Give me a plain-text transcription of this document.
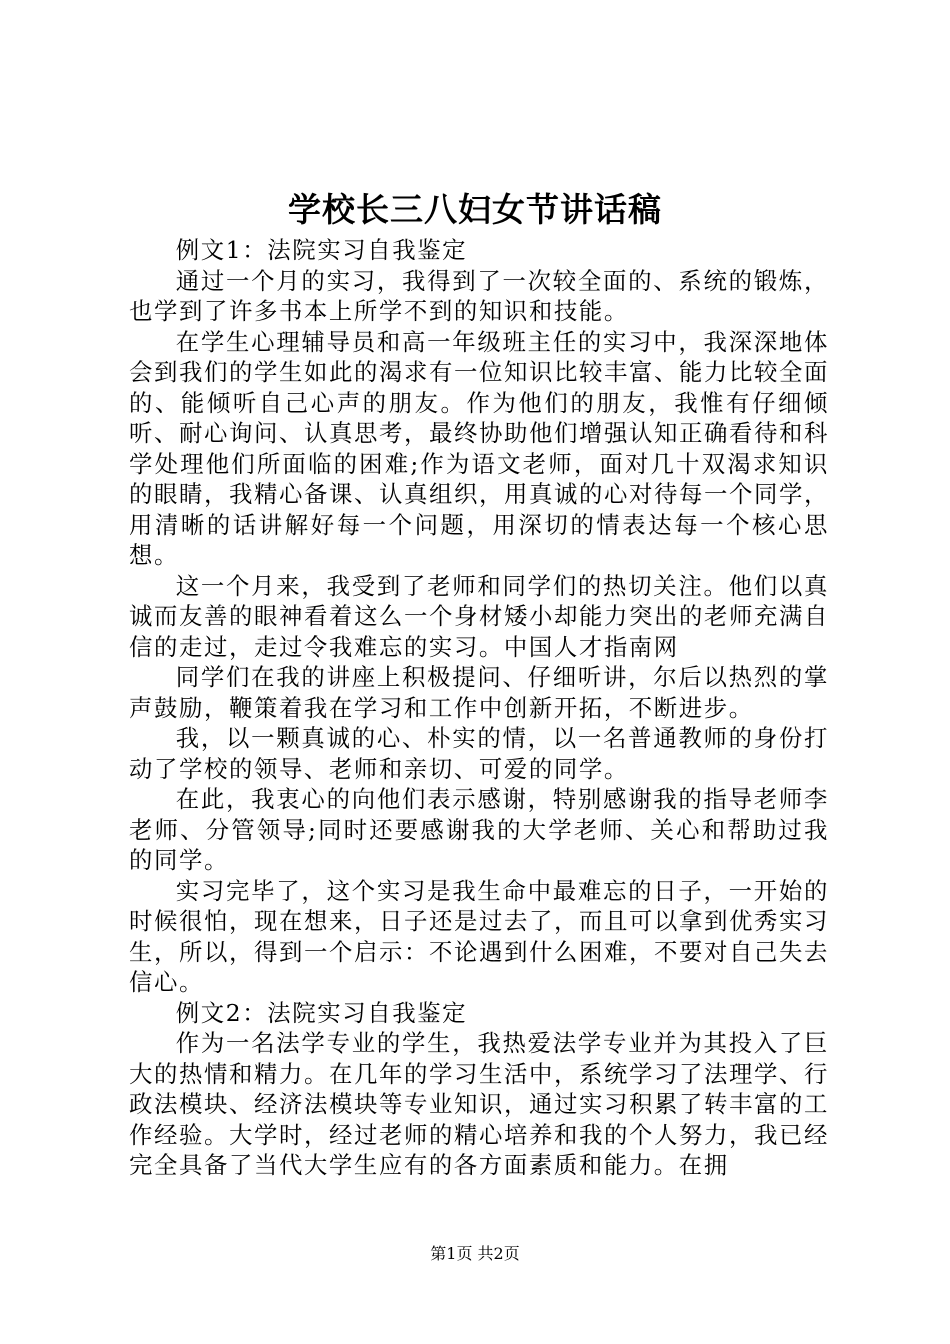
学校长三八妇女节讲话稿

例文1：法院实习自我鉴定

通过一个月的实习，我得到了一次较全面的、系统的锻炼，也学到了许多书本上所学不到的知识和技能。

在学生心理辅导员和高一年级班主任的实习中，我深深地体会到我们的学生如此的渴求有一位知识比较丰富、能力比较全面的、能倾听自己心声的朋友。作为他们的朋友，我惟有仔细倾听、耐心询问、认真思考，最终协助他们增强认知正确看待和科学处理他们所面临的困难;作为语文老师，面对几十双渴求知识的眼睛，我精心备课、认真组织，用真诚的心对待每一个同学，用清晰的话讲解好每一个问题，用深切的情表达每一个核心思想。

这一个月来，我受到了老师和同学们的热切关注。他们以真诚而友善的眼神看着这么一个身材矮小却能力突出的老师充满自信的走过，走过令我难忘的实习。中国人才指南网

同学们在我的讲座上积极提问、仔细听讲，尔后以热烈的掌声鼓励，鞭策着我在学习和工作中创新开拓，不断进步。

我，以一颗真诚的心、朴实的情，以一名普通教师的身份打动了学校的领导、老师和亲切、可爱的同学。

在此，我衷心的向他们表示感谢，特别感谢我的指导老师李老师、分管领导;同时还要感谢我的大学老师、关心和帮助过我的同学。

实习完毕了，这个实习是我生命中最难忘的日子，一开始的时候很怕，现在想来，日子还是过去了，而且可以拿到优秀实习生，所以，得到一个启示：不论遇到什么困难，不要对自己失去信心。

例文2：法院实习自我鉴定

作为一名法学专业的学生，我热爱法学专业并为其投入了巨大的热情和精力。在几年的学习生活中，系统学习了法理学、行政法模块、经济法模块等专业知识，通过实习积累了转丰富的工作经验。大学时，经过老师的精心培养和我的个人努力，我已经完全具备了当代大学生应有的各方面素质和能力。在拥

第1页 共2页
